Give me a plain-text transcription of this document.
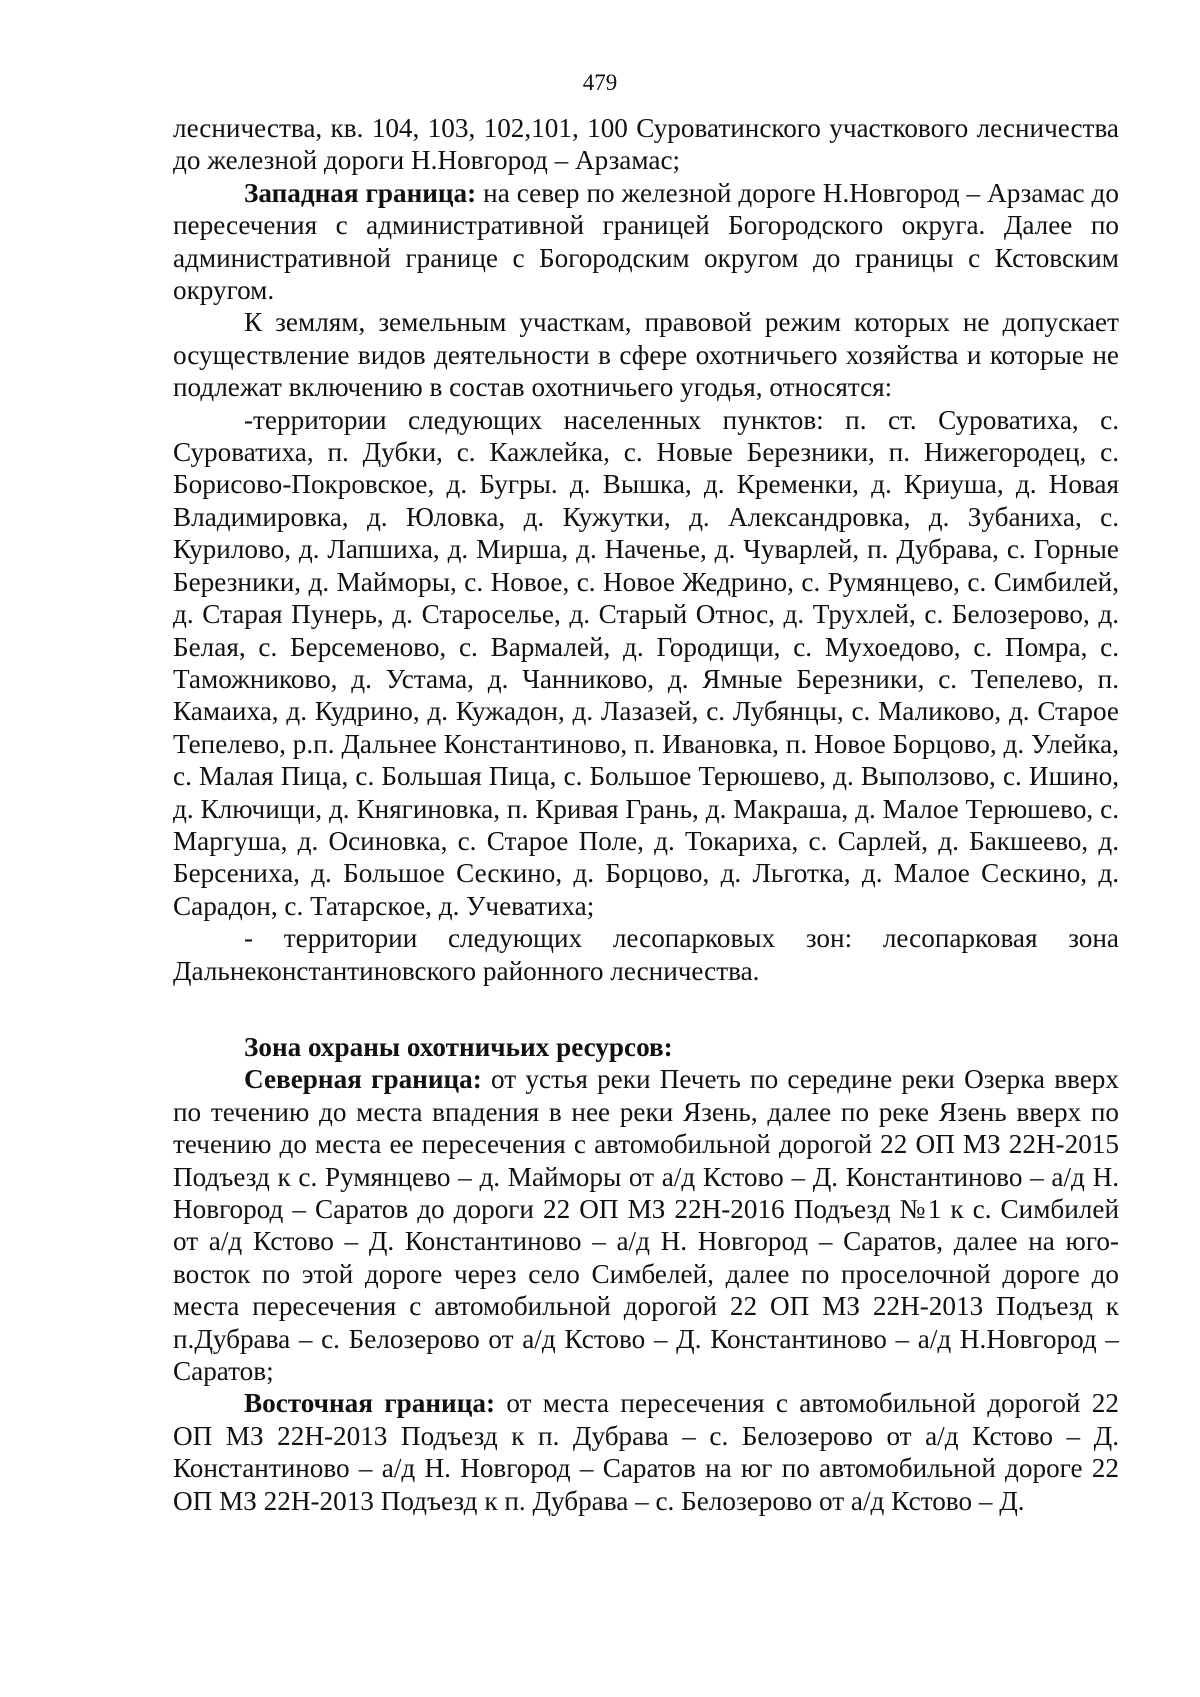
479

лесничества, кв. 104, 103, 102,101, 100 Суроватинского участкового лесничества до железной дороги Н.Новгород – Арзамас;

Западная граница: на север по железной дороге Н.Новгород – Арзамас до пересечения с административной границей Богородского округа. Далее по административной границе с Богородским округом до границы с Кстовским округом.

К землям, земельным участкам, правовой режим которых не допускает осуществление видов деятельности в сфере охотничьего хозяйства и которые не подлежат включению в состав охотничьего угодья, относятся:

-территории следующих населенных пунктов: п. ст. Суроватиха, с. Суроватиха, п. Дубки, с. Кажлейка, с. Новые Березники, п. Нижегородец, с. Борисово-Покровское, д. Бугры. д. Вышка, д. Кременки, д. Криуша, д. Новая Владимировка, д. Юловка, д. Кужутки, д. Александровка, д. Зубаниха, с. Курилово, д. Лапшиха, д. Мирша, д. Наченье, д. Чуварлей, п. Дубрава, с. Горные Березники, д. Майморы, с. Новое, с. Новое Жедрино, с. Румянцево, с. Симбилей, д. Старая Пунерь, д. Староселье, д. Старый Относ, д. Трухлей, с. Белозерово, д. Белая, с. Берсеменово, с. Вармалей, д. Городищи, с. Мухоедово, с. Помра, с. Таможниково, д. Устама, д. Чанниково, д. Ямные Березники, с. Тепелево, п. Камаиха, д. Кудрино, д. Кужадон, д. Лазазей, с. Лубянцы, с. Маликово, д. Старое Тепелево, р.п. Дальнее Константиново, п. Ивановка, п. Новое Борцово, д. Улейка, с. Малая Пица, с. Большая Пица, с. Большое Терюшево, д. Выползово, с. Ишино, д. Ключищи, д. Княгиновка, п. Кривая Грань, д. Макраша, д. Малое Терюшево, с. Маргуша, д. Осиновка, с. Старое Поле, д. Токариха, с. Сарлей, д. Бакшеево, д. Берсениха, д. Большое Сескино, д. Борцово, д. Льготка, д. Малое Сескино, д. Сарадон, с. Татарское, д. Учеватиха;

- территории следующих лесопарковых зон: лесопарковая зона Дальнеконстантиновского районного лесничества.

Зона охраны охотничьих ресурсов:

Северная граница: от устья реки Печеть по середине реки Озерка вверх по течению до места впадения в нее реки Язень, далее по реке Язень вверх по течению до места ее пересечения с автомобильной дорогой 22 ОП МЗ 22Н-2015 Подъезд к с. Румянцево – д. Майморы от а/д Кстово – Д. Константиново – а/д Н. Новгород – Саратов до дороги 22 ОП МЗ 22Н-2016 Подъезд №1 к с. Симбилей от а/д Кстово – Д. Константиново – а/д Н. Новгород – Саратов, далее на юго-восток по этой дороге через село Симбелей, далее по проселочной дороге до места пересечения с автомобильной дорогой 22 ОП МЗ 22Н-2013 Подъезд к п.Дубрава – с. Белозерово от а/д Кстово – Д. Константиново – а/д Н.Новгород – Саратов;

Восточная граница: от места пересечения с автомобильной дорогой 22 ОП МЗ 22Н-2013 Подъезд к п. Дубрава – с. Белозерово от а/д Кстово – Д. Константиново – а/д Н. Новгород – Саратов на юг по автомобильной дороге 22 ОП МЗ 22Н-2013 Подъезд к п. Дубрава – с. Белозерово от а/д Кстово – Д.
